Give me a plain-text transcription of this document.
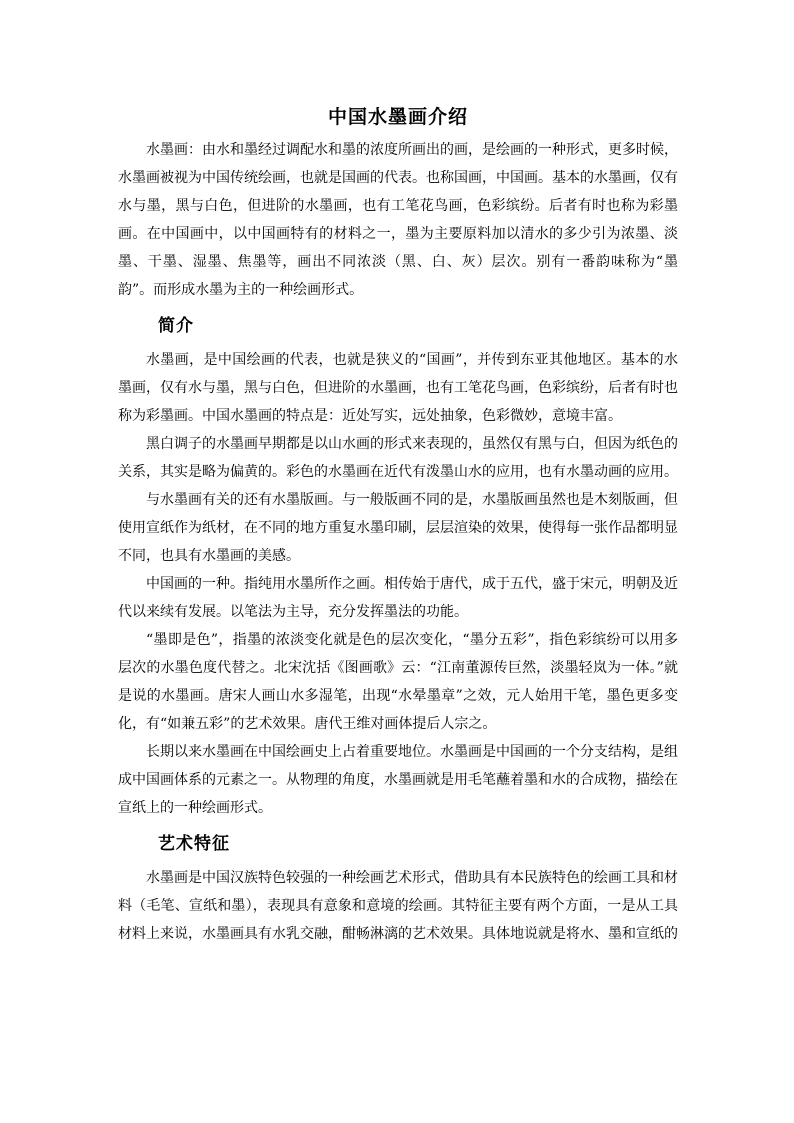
中国水墨画介绍

水墨画：由水和墨经过调配水和墨的浓度所画出的画，是绘画的一种形式，更多时候，水墨画被视为中国传统绘画，也就是国画的代表。也称国画，中国画。基本的水墨画，仅有水与墨，黑与白色，但进阶的水墨画，也有工笔花鸟画，色彩缤纷。后者有时也称为彩墨画。在中国画中，以中国画特有的材料之一，墨为主要原料加以清水的多少引为浓墨、淡墨、干墨、湿墨、焦墨等，画出不同浓淡（黑、白、灰）层次。别有一番韵味称为“墨韵”。而形成水墨为主的一种绘画形式。

简介

水墨画，是中国绘画的代表，也就是狭义的“国画”，并传到东亚其他地区。基本的水墨画，仅有水与墨，黑与白色，但进阶的水墨画，也有工笔花鸟画，色彩缤纷，后者有时也称为彩墨画。中国水墨画的特点是：近处写实，远处抽象，色彩微妙，意境丰富。

黑白调子的水墨画早期都是以山水画的形式来表现的，虽然仅有黑与白，但因为纸色的关系，其实是略为偏黄的。彩色的水墨画在近代有泼墨山水的应用，也有水墨动画的应用。

与水墨画有关的还有水墨版画。与一般版画不同的是，水墨版画虽然也是木刻版画，但使用宣纸作为纸材，在不同的地方重复水墨印刷，层层渲染的效果，使得每一张作品都明显不同，也具有水墨画的美感。

中国画的一种。指纯用水墨所作之画。相传始于唐代，成于五代，盛于宋元，明朝及近代以来续有发展。以笔法为主导，充分发挥墨法的功能。

“墨即是色”，指墨的浓淡变化就是色的层次变化，“墨分五彩”，指色彩缤纷可以用多层次的水墨色度代替之。北宋沈括《图画歌》云：“江南董源传巨然，淡墨轻岚为一体。”就是说的水墨画。唐宋人画山水多湿笔，出现“水晕墨章”之效，元人始用干笔，墨色更多变化，有“如兼五彩”的艺术效果。唐代王维对画体提后人宗之。

长期以来水墨画在中国绘画史上占着重要地位。水墨画是中国画的一个分支结构，是组成中国画体系的元素之一。从物理的角度，水墨画就是用毛笔蘸着墨和水的合成物，描绘在宣纸上的一种绘画形式。

艺术特征

水墨画是中国汉族特色较强的一种绘画艺术形式，借助具有本民族特色的绘画工具和材料（毛笔、宣纸和墨），表现具有意象和意境的绘画。其特征主要有两个方面，一是从工具材料上来说，水墨画具有水乳交融，酣畅淋漓的艺术效果。具体地说就是将水、墨和宣纸的
